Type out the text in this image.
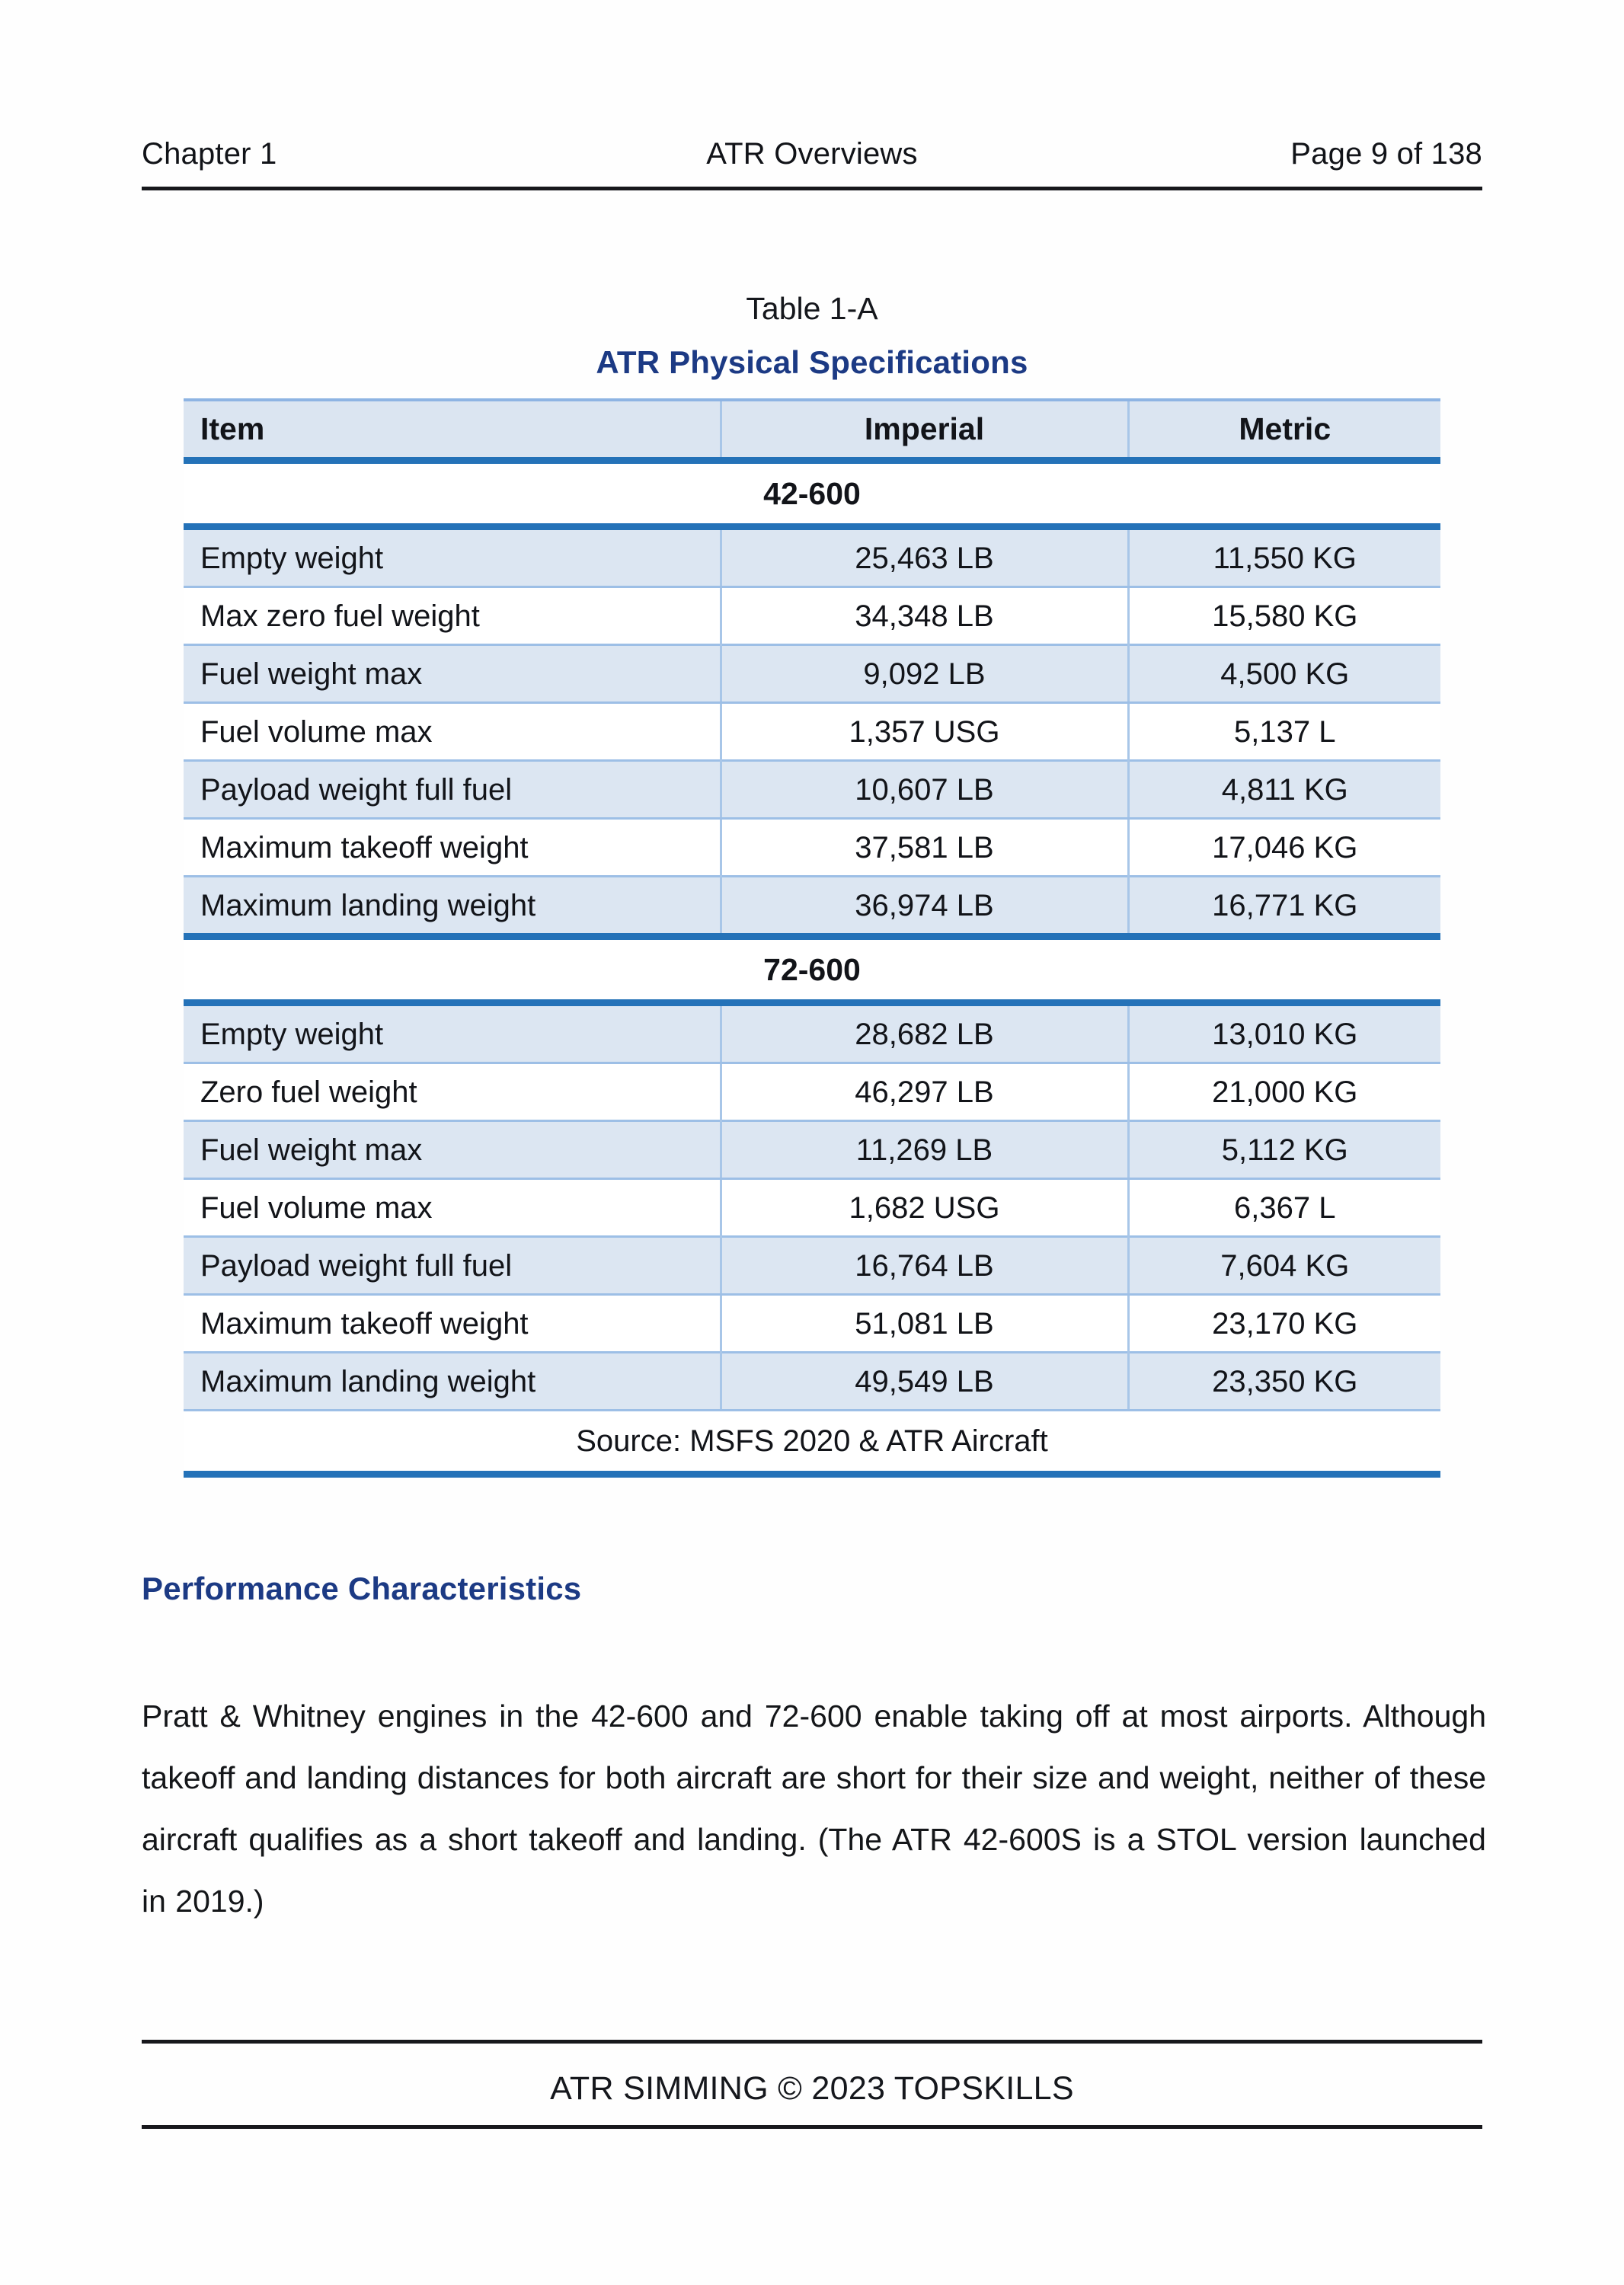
Chapter 1	ATR Overviews	Page 9 of 138
Table 1-A
ATR Physical Specifications
Item	Imperial	Metric
42-600		
Empty weight	25,463 LB	11,550 KG
Max zero fuel weight	34,348 LB	15,580 KG
Fuel weight max	9,092 LB	4,500 KG
Fuel volume max	1,357 USG	5,137 L
Payload weight full fuel	10,607 LB	4,811 KG
Maximum takeoff weight	37,581 LB	17,046 KG
Maximum landing weight	36,974 LB	16,771 KG
72-600		
Empty weight	28,682 LB	13,010 KG
Zero fuel weight	46,297 LB	21,000 KG
Fuel weight max	11,269 LB	5,112 KG
Fuel volume max	1,682 USG	6,367 L
Payload weight full fuel	16,764 LB	7,604 KG
Maximum takeoff weight	51,081 LB	23,170 KG
Maximum landing weight	49,549 LB	23,350 KG
Source: MSFS 2020 & ATR Aircraft		
Performance Characteristics

Pratt & Whitney engines in the 42-600 and 72-600 enable taking off at most airports. Although takeoff and landing distances for both aircraft are short for their size and weight, neither of these aircraft qualifies as a short takeoff and landing. (The ATR 42-600S is a STOL version launched in 2019.)

ATR SIMMING © 2023 TOPSKILLS
